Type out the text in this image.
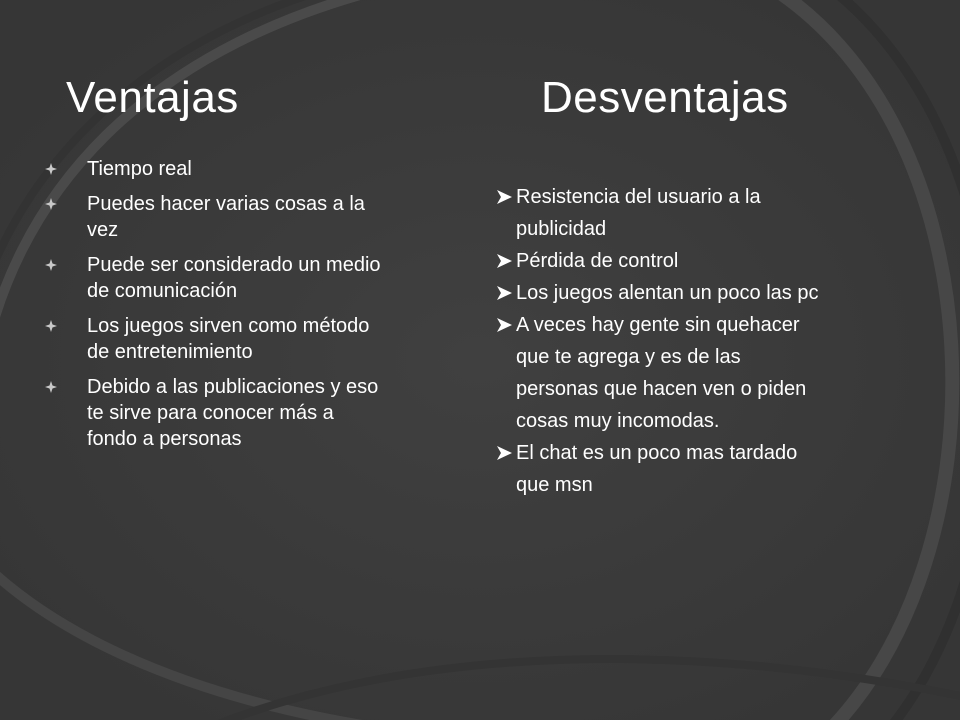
Ventajas	Desventajas
Tiempo real
Puedes hacer varias cosas a la vez
Puede ser considerado un medio de comunicación
Los juegos sirven como método de entretenimiento
Debido a las publicaciones y eso te sirve para conocer más a fondo a personas
Resistencia del usuario a la publicidad
Pérdida de control
Los juegos alentan un poco las pc
A veces hay gente sin quehacer que te agrega y es de las personas que hacen ven o piden cosas muy incomodas.
El chat es un poco mas tardado que msn
